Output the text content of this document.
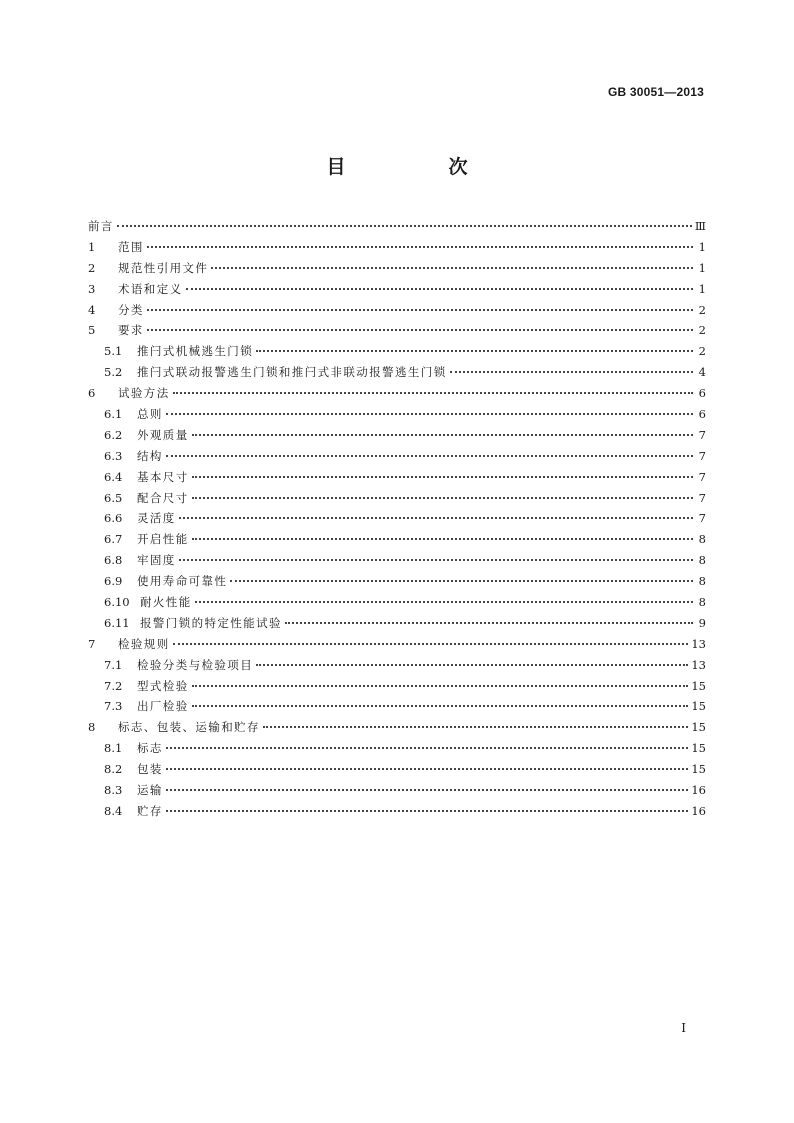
GB 30051—2013
目　次
前言	Ⅲ
1	范围	1
2	规范性引用文件	1
3	术语和定义	1
4	分类	2
5	要求	2
5.1	推闩式机械逃生门锁	2
5.2	推闩式联动报警逃生门锁和推闩式非联动报警逃生门锁	4
6	试验方法	6
6.1	总则	6
6.2	外观质量	7
6.3	结构	7
6.4	基本尺寸	7
6.5	配合尺寸	7
6.6	灵活度	7
6.7	开启性能	8
6.8	牢固度	8
6.9	使用寿命可靠性	8
6.10 耐火性能	8
6.11 报警门锁的特定性能试验	9
7	检验规则	13
7.1	检验分类与检验项目	13
7.2	型式检验	15
7.3	出厂检验	15
8	标志、包装、运输和贮存	15
8.1	标志	15
8.2	包装	15
8.3	运输	16
8.4	贮存	16
I
